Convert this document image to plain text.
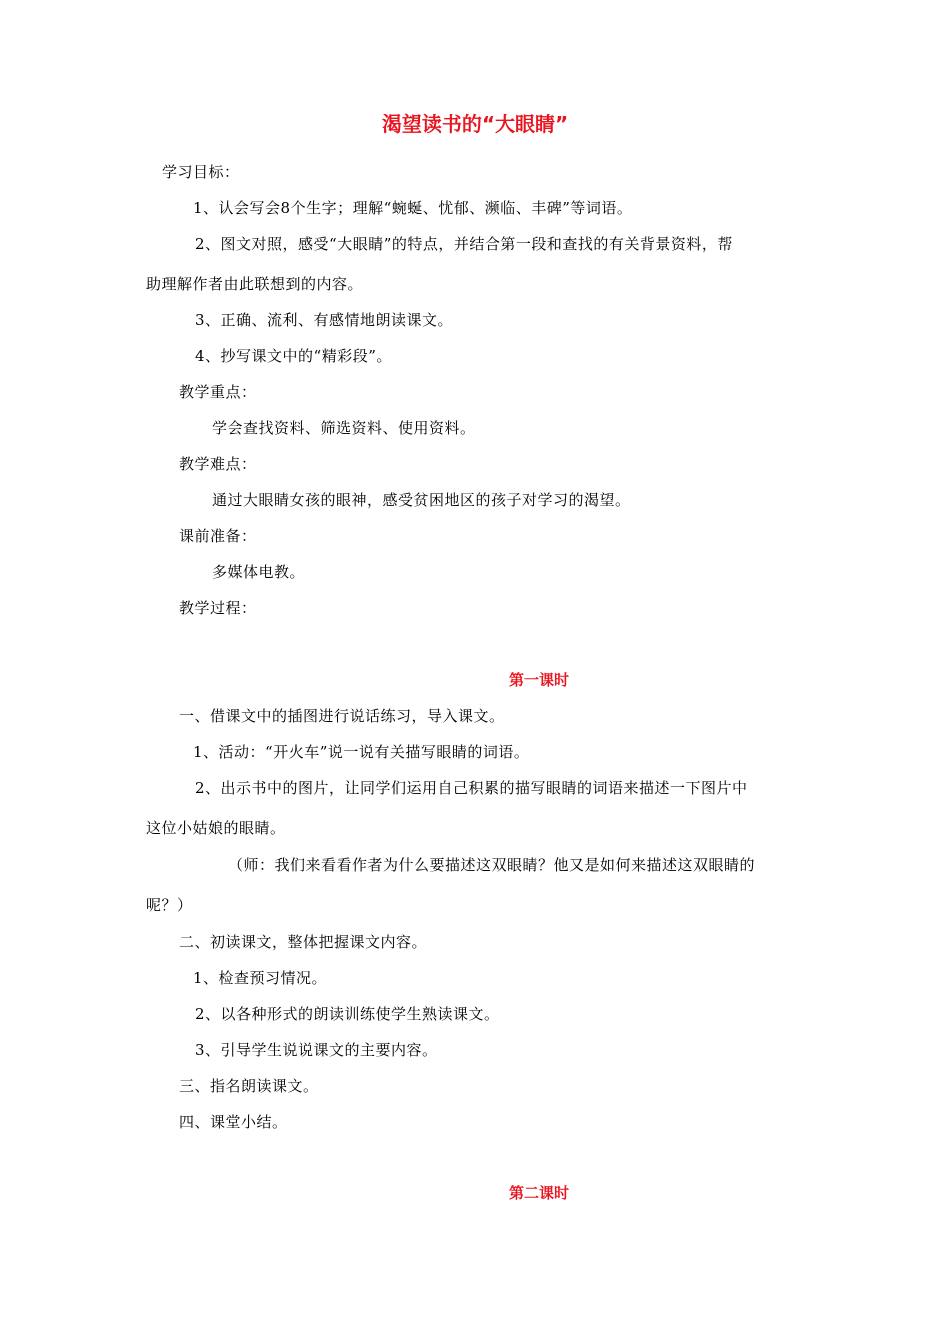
渴望读书的“大眼睛”
学习目标：
1、认会写会8个生字；理解“蜿蜒、忧郁、濒临、丰碑”等词语。
2、图文对照，感受“大眼睛”的特点，并结合第一段和查找的有关背景资料，帮
助理解作者由此联想到的内容。
3、正确、流利、有感情地朗读课文。
4、抄写课文中的“精彩段”。
教学重点：
学会查找资料、筛选资料、使用资料。
教学难点：
通过大眼睛女孩的眼神，感受贫困地区的孩子对学习的渴望。
课前准备：
多媒体电教。
教学过程：
第一课时
一、借课文中的插图进行说话练习，导入课文。
1、活动：“开火车”说一说有关描写眼睛的词语。
2、出示书中的图片，让同学们运用自己积累的描写眼睛的词语来描述一下图片中
这位小姑娘的眼睛。
（师：我们来看看作者为什么要描述这双眼睛？他又是如何来描述这双眼睛的
呢？）
二、初读课文，整体把握课文内容。
1、检查预习情况。
2、以各种形式的朗读训练使学生熟读课文。
3、引导学生说说课文的主要内容。
三、指名朗读课文。
四、课堂小结。
第二课时
